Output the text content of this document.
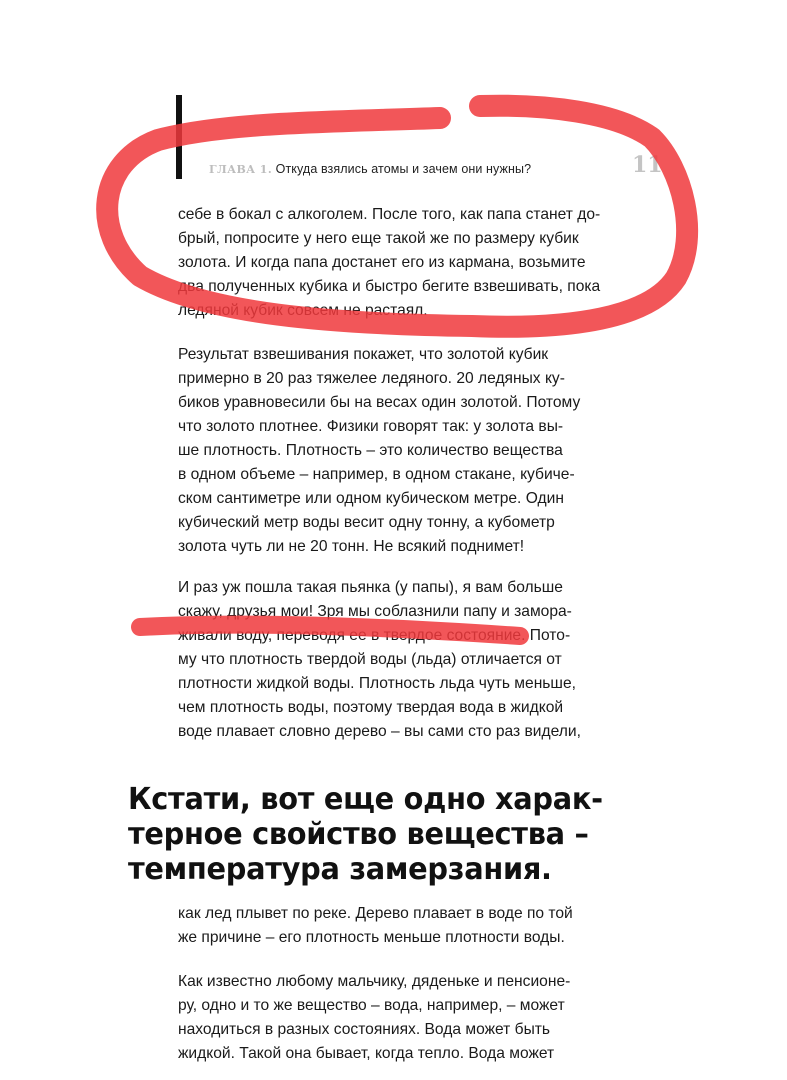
ГЛАВА 1. Откуда взялись атомы и зачем они нужны?	11

себе в бокал с алкоголем. После того, как папа станет до-
брый, попросите у него еще такой же по размеру кубик
золота. И когда папа достанет его из кармана, возьмите
два полученных кубика и быстро бегите взвешивать, пока
ледяной кубик совсем не растаял.

Результат взвешивания покажет, что золотой кубик
примерно в 20 раз тяжелее ледяного. 20 ледяных ку-
биков уравновесили бы на весах один золотой. Потому
что золото плотнее. Физики говорят так: у золота вы-
ше плотность. Плотность – это количество вещества
в одном объеме – например, в одном стакане, кубиче-
ском сантиметре или одном кубическом метре. Один
кубический метр воды весит одну тонну, а кубометр
золота чуть ли не 20 тонн. Не всякий поднимет!

И раз уж пошла такая пьянка (у папы), я вам больше
скажу, друзья мои! Зря мы соблазнили папу и замора-
живали воду, переводя ее в твердое состояние. Пото-
му что плотность твердой воды (льда) отличается от
плотности жидкой воды. Плотность льда чуть меньше,
чем плотность воды, поэтому твердая вода в жидкой
воде плавает словно дерево – вы сами сто раз видели,

Кстати, вот еще одно харак-
терное свойство вещества –
температура замерзания.

как лед плывет по реке. Дерево плавает в воде по той
же причине – его плотность меньше плотности воды.

Как известно любому мальчику, дяденьке и пенсионе-
ру, одно и то же вещество – вода, например, – может
находиться в разных состояниях. Вода может быть
жидкой. Такой она бывает, когда тепло. Вода может
